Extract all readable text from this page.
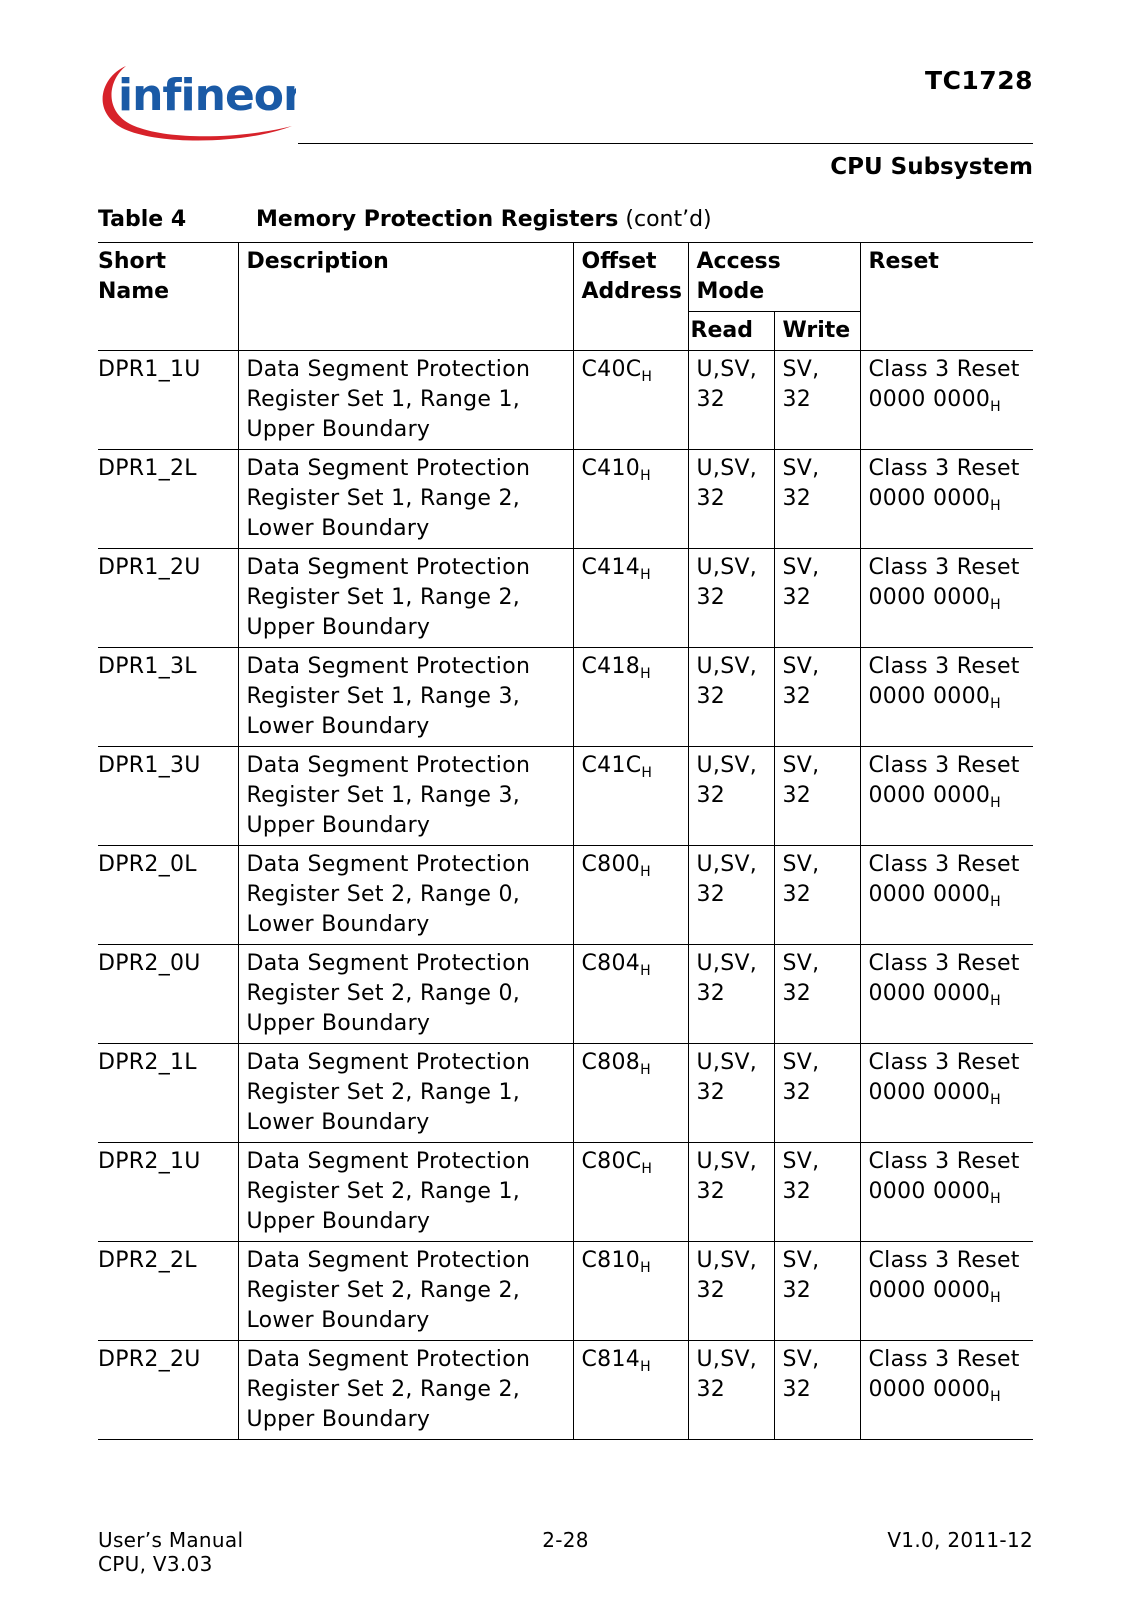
infineon	TC1728
CPU Subsystem
Table 4	Memory Protection Registers (cont’d)
Short Name	Description	Offset Address	Access Mode		Reset
			Read	Write	
DPR1_1U	Data Segment Protection Register Set 1, Range 1, Upper Boundary	$C40C_H$	U,SV, 32	SV, 32	Class 3 Reset
0000 $0000_H$
DPR1_2L	Data Segment Protection Register Set 1, Range 2, Lower Boundary	$C410_H$	U,SV, 32	SV, 32	Class 3 Reset
0000 $0000_H$
DPR1_2U	Data Segment Protection Register Set 1, Range 2, Upper Boundary	$C414_H$	U,SV, 32	SV, 32	Class 3 Reset
0000 $0000_H$
DPR1_3L	Data Segment Protection Register Set 1, Range 3, Lower Boundary	$C418_H$	U,SV, 32	SV, 32	Class 3 Reset
0000 $0000_H$
DPR1_3U	Data Segment Protection Register Set 1, Range 3, Upper Boundary	$C41C_H$	U,SV, 32	SV, 32	Class 3 Reset
0000 $0000_H$
DPR2_0L	Data Segment Protection Register Set 2, Range 0, Lower Boundary	$C800_H$	U,SV, 32	SV, 32	Class 3 Reset
0000 $0000_H$
DPR2_0U	Data Segment Protection Register Set 2, Range 0, Upper Boundary	$C804_H$	U,SV, 32	SV, 32	Class 3 Reset
0000 $0000_H$
DPR2_1L	Data Segment Protection Register Set 2, Range 1, Lower Boundary	$C808_H$	U,SV, 32	SV, 32	Class 3 Reset
0000 $0000_H$
DPR2_1U	Data Segment Protection Register Set 2, Range 1, Upper Boundary	$C80C_H$	U,SV, 32	SV, 32	Class 3 Reset
0000 $0000_H$
DPR2_2L	Data Segment Protection Register Set 2, Range 2, Lower Boundary	$C810_H$	U,SV, 32	SV, 32	Class 3 Reset
0000 $0000_H$
DPR2_2U	Data Segment Protection Register Set 2, Range 2, Upper Boundary	$C814_H$	U,SV, 32	SV, 32	Class 3 Reset
0000 $0000_H$
User’s Manual
CPU, V3.03
2-28	V1.0, 2011-12
